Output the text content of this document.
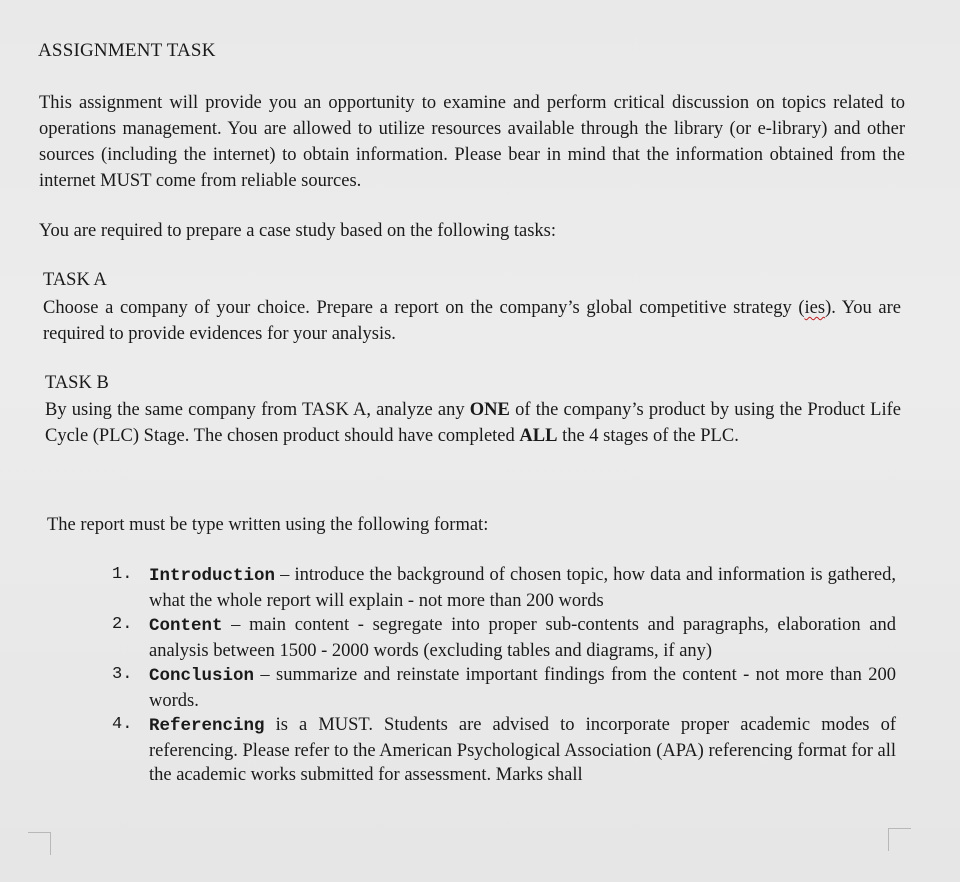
ASSIGNMENT TASK
This assignment will provide you an opportunity to examine and perform critical discussion on topics related to operations management. You are allowed to utilize resources available through the library (or e-library) and other sources (including the internet) to obtain information. Please bear in mind that the information obtained from the internet MUST come from reliable sources.
You are required to prepare a case study based on the following tasks:
TASK A
Choose a company of your choice. Prepare a report on the company’s global competitive strategy (ies). You are required to provide evidences for your analysis.
TASK B
By using the same company from TASK A, analyze any ONE of the company’s product by using the Product Life Cycle (PLC) Stage. The chosen product should have completed ALL the 4 stages of the PLC.
The report must be type written using the following format:
1. Introduction – introduce the background of chosen topic, how data and information is gathered, what the whole report will explain - not more than 200 words
2. Content – main content - segregate into proper sub-contents and paragraphs, elaboration and analysis between 1500 - 2000 words (excluding tables and diagrams, if any)
3. Conclusion – summarize and reinstate important findings from the content - not more than 200 words.
4. Referencing is a MUST. Students are advised to incorporate proper academic modes of referencing. Please refer to the American Psychological Association (APA) referencing format for all the academic works submitted for assessment. Marks shall
